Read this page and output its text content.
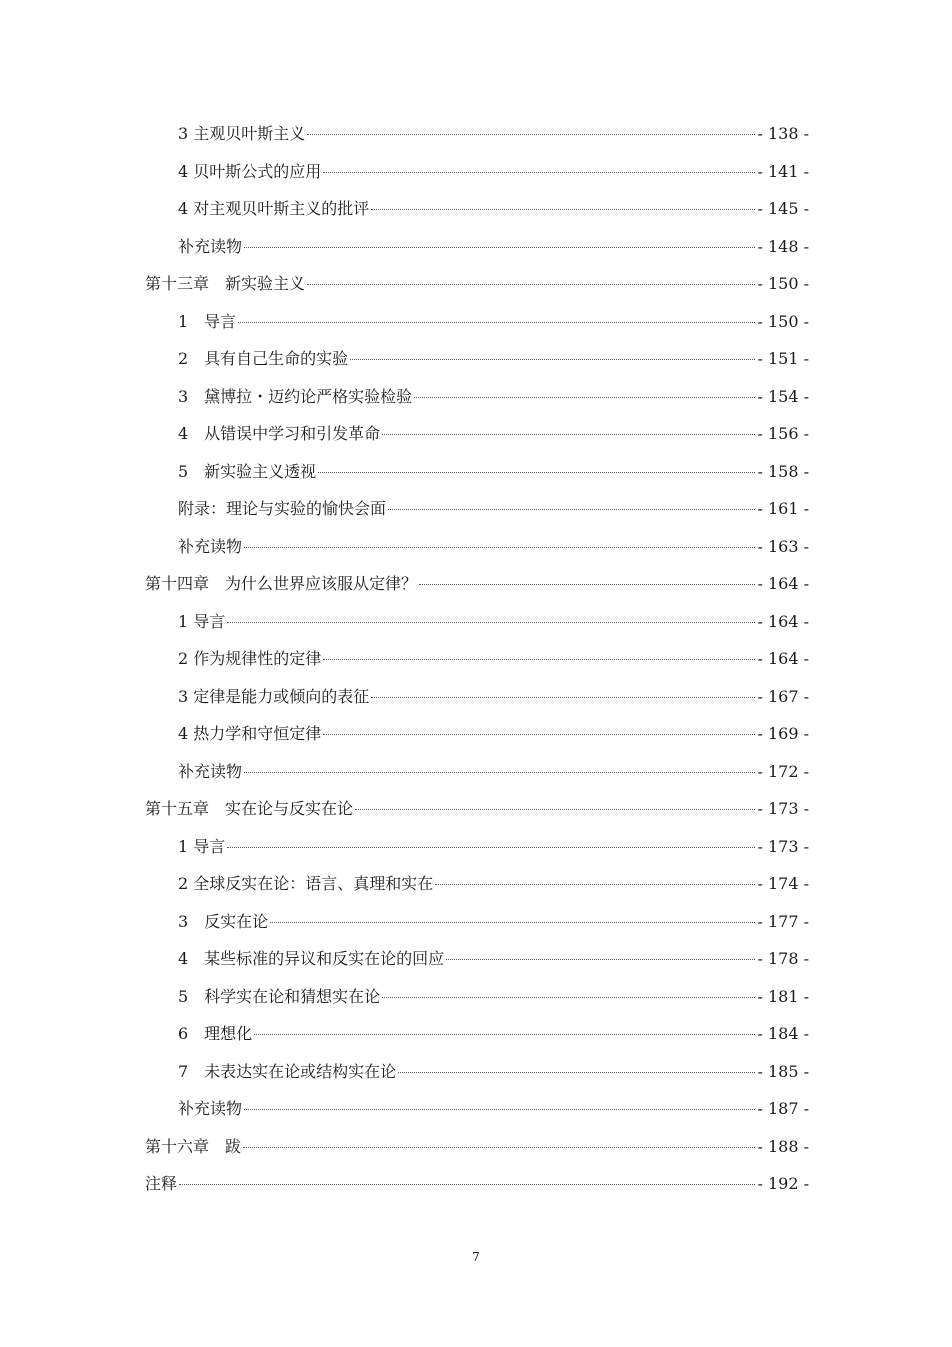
3 主观贝叶斯主义	- 138 -
4 贝叶斯公式的应用	- 141 -
4 对主观贝叶斯主义的批评	- 145 -
补充读物	- 148 -
第十三章　新实验主义	- 150 -
1　导言	- 150 -
2　具有自己生命的实验	- 151 -
3　黛博拉・迈约论严格实验检验	- 154 -
4　从错误中学习和引发革命	- 156 -
5　新实验主义透视	- 158 -
附录：理论与实验的愉快会面	- 161 -
补充读物	- 163 -
第十四章　为什么世界应该服从定律？	- 164 -
1 导言	- 164 -
2 作为规律性的定律	- 164 -
3 定律是能力或倾向的表征	- 167 -
4 热力学和守恒定律	- 169 -
补充读物	- 172 -
第十五章　实在论与反实在论	- 173 -
1 导言	- 173 -
2 全球反实在论：语言、真理和实在	- 174 -
3　反实在论	- 177 -
4　某些标准的异议和反实在论的回应	- 178 -
5　科学实在论和猜想实在论	- 181 -
6　理想化	- 184 -
7　未表达实在论或结构实在论	- 185 -
补充读物	- 187 -
第十六章　跋	- 188 -
注释	- 192 -
7
